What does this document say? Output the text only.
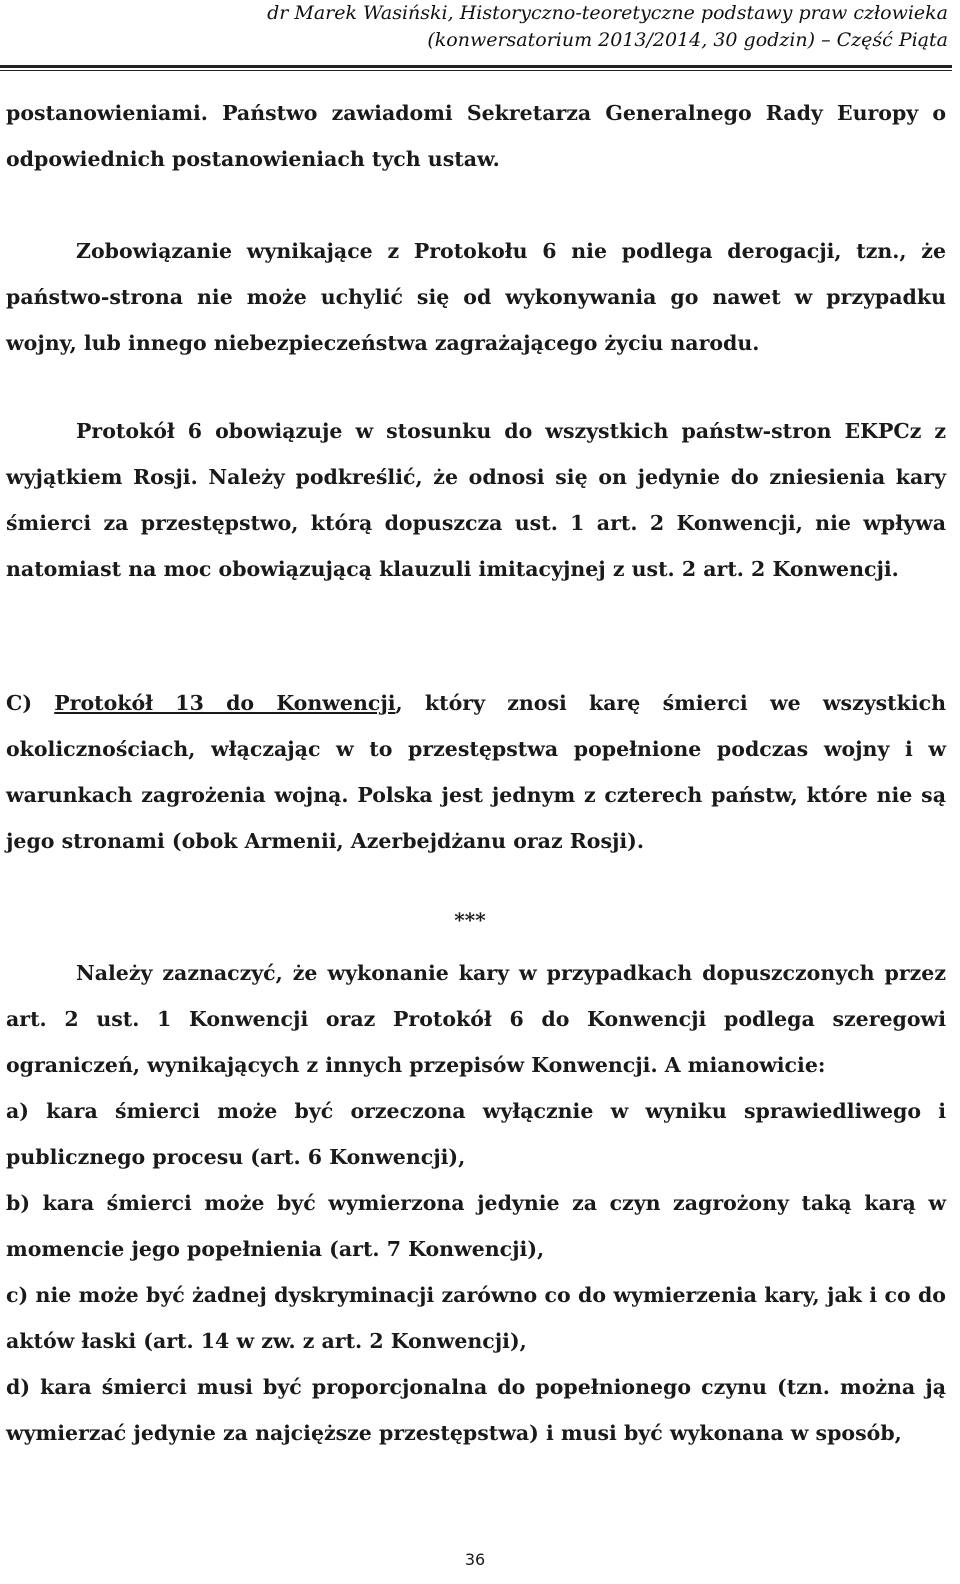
dr Marek Wasiński, Historyczno-teoretyczne podstawy praw człowieka
(konwersatorium 2013/2014, 30 godzin) – Część Piąta

postanowieniami. Państwo zawiadomi Sekretarza Generalnego Rady Europy o odpowiednich postanowieniach tych ustaw.

Zobowiązanie wynikające z Protokołu 6 nie podlega derogacji, tzn., że państwo-strona nie może uchylić się od wykonywania go nawet w przypadku wojny, lub innego niebezpieczeństwa zagrażającego życiu narodu.

Protokół 6 obowiązuje w stosunku do wszystkich państw-stron EKPCz z wyjątkiem Rosji. Należy podkreślić, że odnosi się on jedynie do zniesienia kary śmierci za przestępstwo, którą dopuszcza ust. 1 art. 2 Konwencji, nie wpływa natomiast na moc obowiązującą klauzuli imitacyjnej z ust. 2 art. 2 Konwencji.

C) Protokół 13 do Konwencji, który znosi karę śmierci we wszystkich okolicznościach, włączając w to przestępstwa popełnione podczas wojny i w warunkach zagrożenia wojną. Polska jest jednym z czterech państw, które nie są jego stronami (obok Armenii, Azerbejdżanu oraz Rosji).

***

Należy zaznaczyć, że wykonanie kary w przypadkach dopuszczonych przez art. 2 ust. 1 Konwencji oraz Protokół 6 do Konwencji podlega szeregowi ograniczeń, wynikających z innych przepisów Konwencji. A mianowicie:

a) kara śmierci może być orzeczona wyłącznie w wyniku sprawiedliwego i publicznego procesu (art. 6 Konwencji),

b) kara śmierci może być wymierzona jedynie za czyn zagrożony taką karą w momencie jego popełnienia (art. 7 Konwencji),

c) nie może być żadnej dyskryminacji zarówno co do wymierzenia kary, jak i co do aktów łaski (art. 14 w zw. z art. 2 Konwencji),

d) kara śmierci musi być proporcjonalna do popełnionego czynu (tzn. można ją wymierzać jedynie za najcięższe przestępstwa) i musi być wykonana w sposób,

36
